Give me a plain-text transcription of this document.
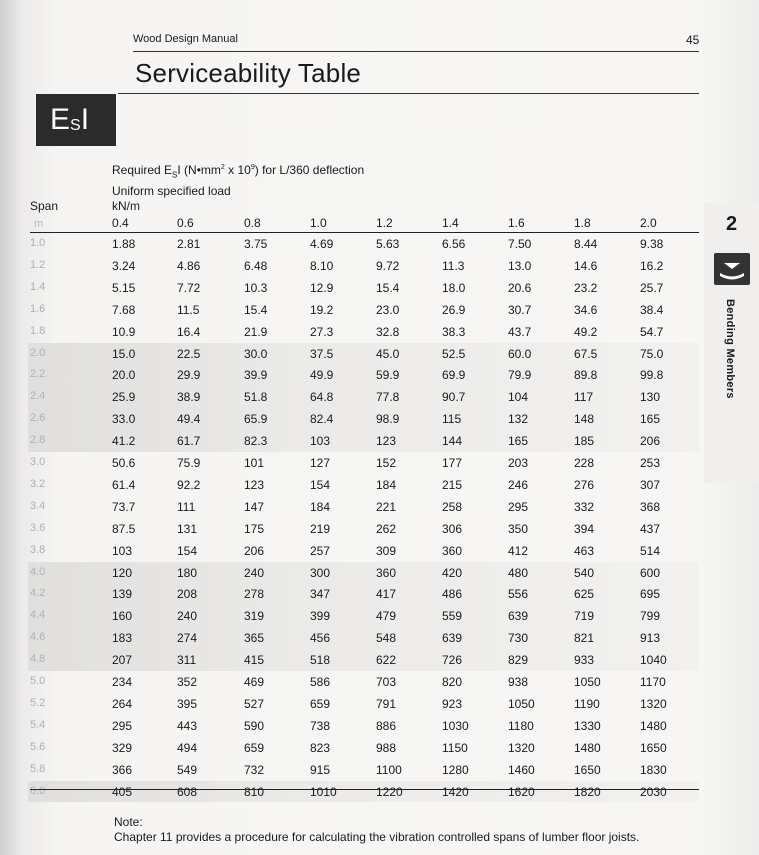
Wood Design Manual	45
Serviceability Table
$E_S$ I
2
Bending Members
Required $E_SI$ ($N•mm^2$ x $10^9$) for L/360 deflection
Uniform specified load
kN/m
Span
m	0.4	0.6	0.8	1.0	1.2	1.4	1.6	1.8	2.0
1.0	1.88	2.81	3.75	4.69	5.63	6.56	7.50	8.44	9.38
1.2	3.24	4.86	6.48	8.10	9.72	11.3	13.0	14.6	16.2
1.4	5.15	7.72	10.3	12.9	15.4	18.0	20.6	23.2	25.7
1.6	7.68	11.5	15.4	19.2	23.0	26.9	30.7	34.6	38.4
1.8	10.9	16.4	21.9	27.3	32.8	38.3	43.7	49.2	54.7
2.0	15.0	22.5	30.0	37.5	45.0	52.5	60.0	67.5	75.0
2.2	20.0	29.9	39.9	49.9	59.9	69.9	79.9	89.8	99.8
2.4	25.9	38.9	51.8	64.8	77.8	90.7	104	117	130
2.6	33.0	49.4	65.9	82.4	98.9	115	132	148	165
2.8	41.2	61.7	82.3	103	123	144	165	185	206
3.0	50.6	75.9	101	127	152	177	203	228	253
3.2	61.4	92.2	123	154	184	215	246	276	307
3.4	73.7	111	147	184	221	258	295	332	368
3.6	87.5	131	175	219	262	306	350	394	437
3.8	103	154	206	257	309	360	412	463	514
4.0	120	180	240	300	360	420	480	540	600
4.2	139	208	278	347	417	486	556	625	695
4.4	160	240	319	399	479	559	639	719	799
4.6	183	274	365	456	548	639	730	821	913
4.8	207	311	415	518	622	726	829	933	1040
5.0	234	352	469	586	703	820	938	1050	1170
5.2	264	395	527	659	791	923	1050	1190	1320
5.4	295	443	590	738	886	1030	1180	1330	1480
5.6	329	494	659	823	988	1150	1320	1480	1650
5.8	366	549	732	915	1100	1280	1460	1650	1830
6.0	405	608	810	1010	1220	1420	1620	1820	2030
Note:
Chapter 11 provides a procedure for calculating the vibration controlled spans of lumber floor joists.
